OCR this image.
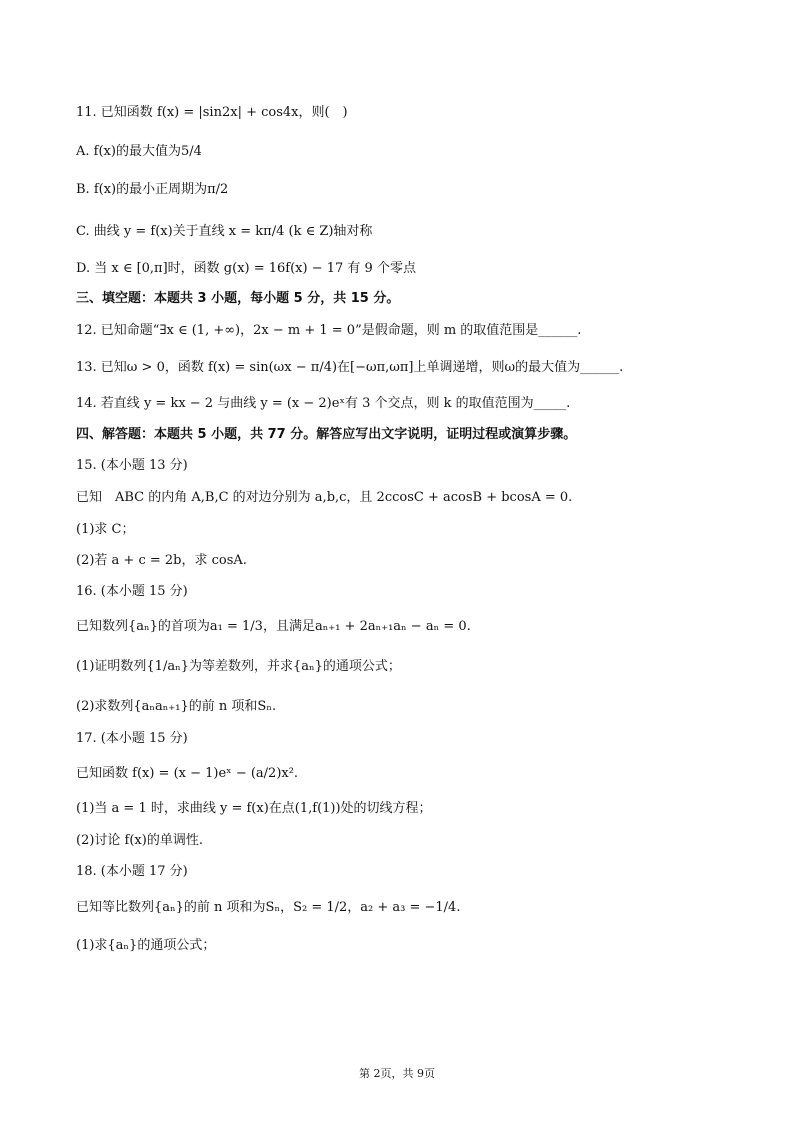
11. 已知函数 f(x) = |sin2x| + cos4x，则(　)
A. f(x)的最大值为5/4
B. f(x)的最小正周期为π/2
C. 曲线 y = f(x)关于直线 x = kπ/4 (k ∈ Z)轴对称
D. 当 x ∈ [0,π]时，函数 g(x) = 16f(x) − 17 有 9 个零点
三、填空题：本题共 3 小题，每小题 5 分，共 15 分。
12. 已知命题“∃x ∈ (1, +∞)，2x − m + 1 = 0”是假命题，则 m 的取值范围是______.
13. 已知ω > 0，函数 f(x) = sin(ωx − π/4)在[−ωπ,ωπ]上单调递增，则ω的最大值为______.
14. 若直线 y = kx − 2 与曲线 y = (x − 2)eˣ有 3 个交点，则 k 的取值范围为_____.
四、解答题：本题共 5 小题，共 77 分。解答应写出文字说明，证明过程或演算步骤。
15. (本小题 13 分)
已知　ABC 的内角 A,B,C 的对边分别为 a,b,c，且 2ccosC + acosB + bcosA = 0.
(1)求 C；
(2)若 a + c = 2b，求 cosA.
16. (本小题 15 分)
已知数列{aₙ}的首项为a₁ = 1/3，且满足aₙ₊₁ + 2aₙ₊₁aₙ − aₙ = 0.
(1)证明数列{1/aₙ}为等差数列，并求{aₙ}的通项公式；
(2)求数列{aₙaₙ₊₁}的前 n 项和Sₙ.
17. (本小题 15 分)
已知函数 f(x) = (x − 1)eˣ − (a/2)x².
(1)当 a = 1 时，求曲线 y = f(x)在点(1,f(1))处的切线方程；
(2)讨论 f(x)的单调性.
18. (本小题 17 分)
已知等比数列{aₙ}的前 n 项和为Sₙ，S₂ = 1/2，a₂ + a₃ = −1/4.
(1)求{aₙ}的通项公式；
第 2页，共 9页
